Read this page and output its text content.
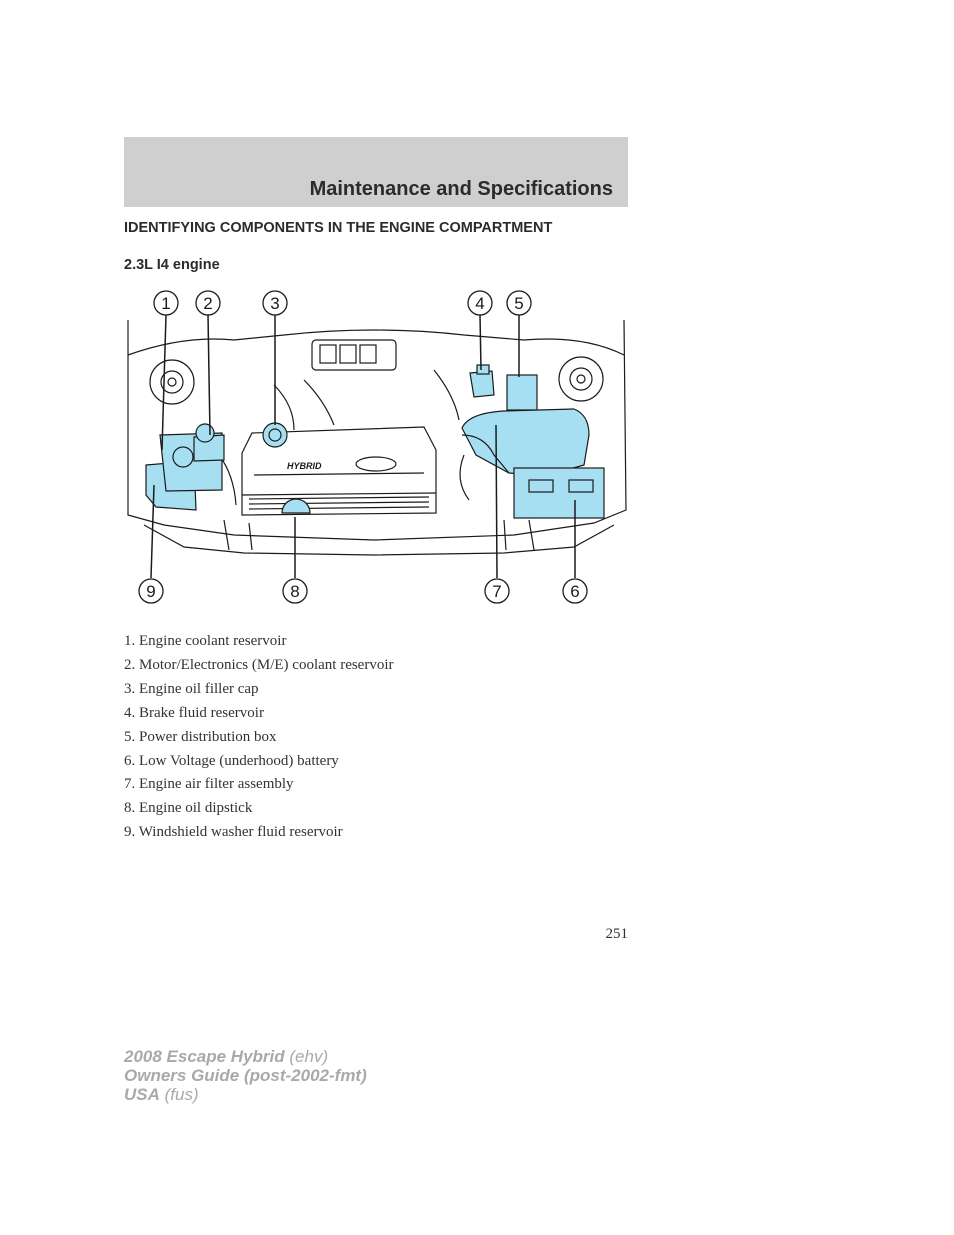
Maintenance and Specifications
IDENTIFYING COMPONENTS IN THE ENGINE COMPARTMENT
2.3L I4 engine
HYBRID
1 2	3	4 5
6
7
8
9
1. Engine coolant reservoir
2. Motor/Electronics (M/E) coolant reservoir
3. Engine oil filler cap
4. Brake fluid reservoir
5. Power distribution box
6. Low Voltage (underhood) battery
7. Engine air filter assembly
8. Engine oil dipstick
9. Windshield washer fluid reservoir
251
2008 Escape Hybrid (ehv)
Owners Guide (post-2002-fmt)
USA (fus)
